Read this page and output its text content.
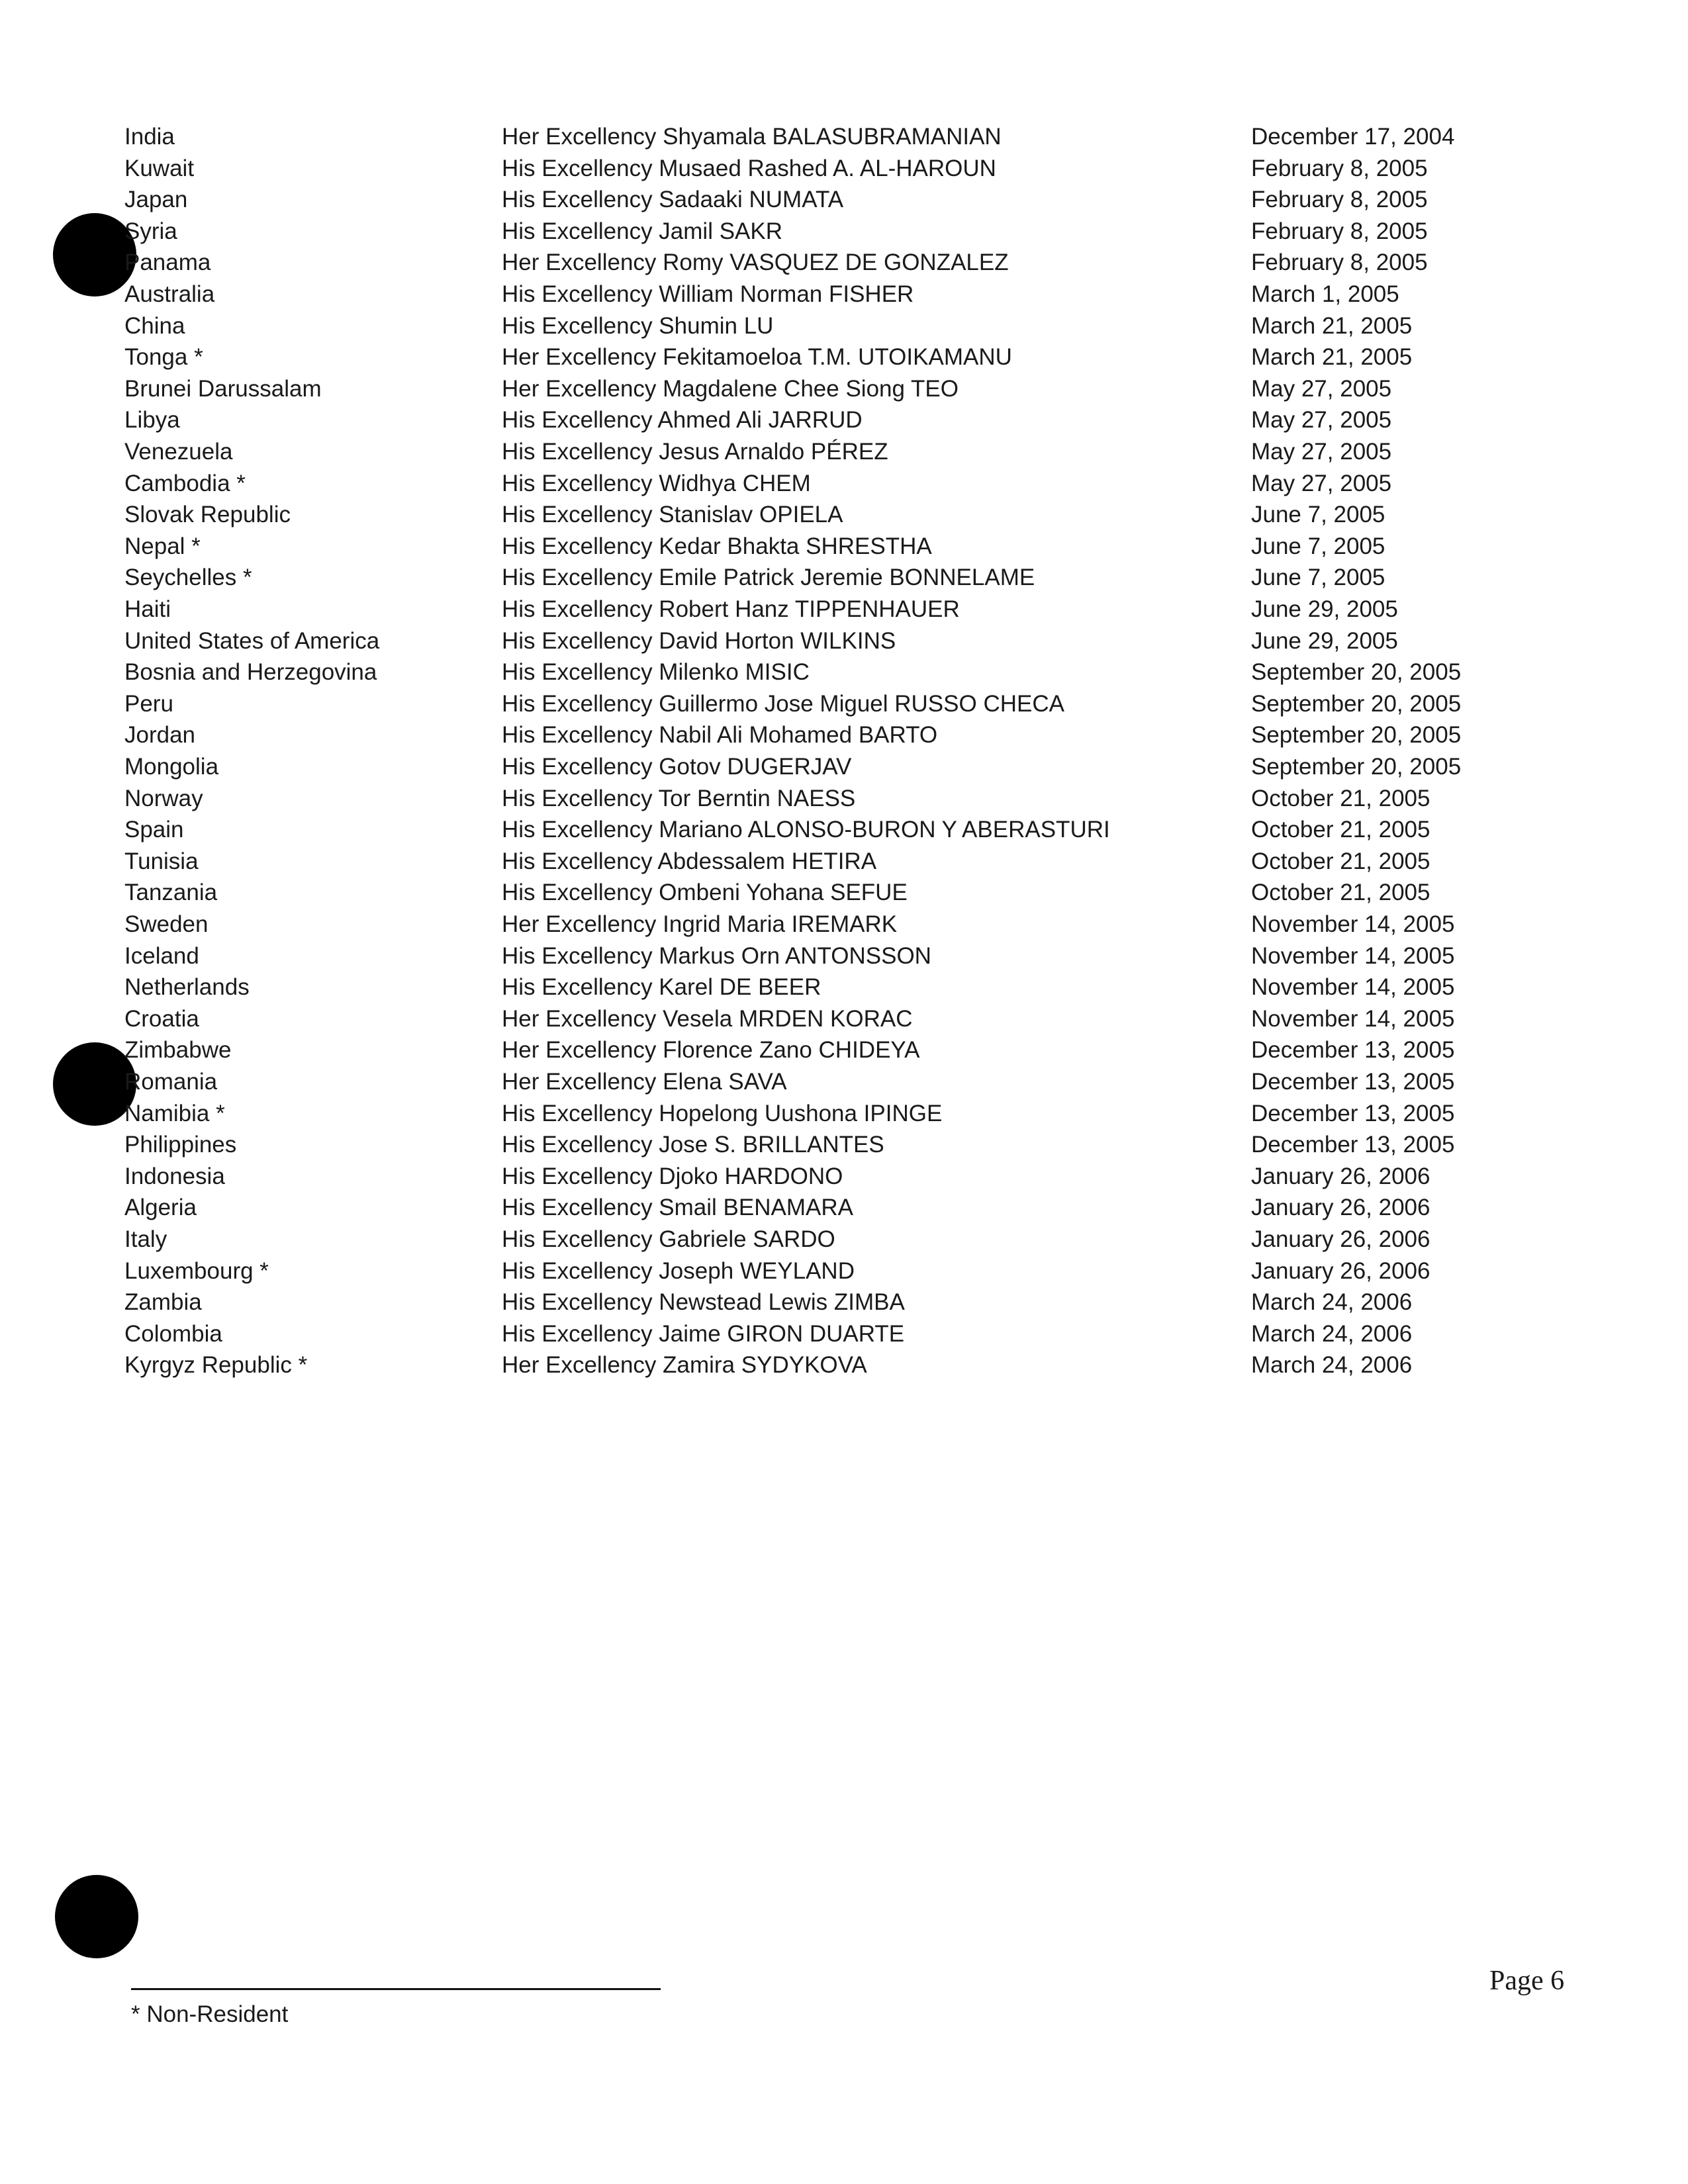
India	Her Excellency Shyamala BALASUBRAMANIAN	December 17, 2004
Kuwait	His Excellency Musaed Rashed A. AL-HAROUN	February 8, 2005
Japan	His Excellency Sadaaki NUMATA	February 8, 2005
Syria	His Excellency Jamil SAKR	February 8, 2005
Panama	Her Excellency Romy VASQUEZ DE GONZALEZ	February 8, 2005
Australia	His Excellency William Norman FISHER	March 1, 2005
China	His Excellency Shumin LU	March 21, 2005
Tonga *	Her Excellency Fekitamoeloa T.M. UTOIKAMANU	March 21, 2005
Brunei Darussalam	Her Excellency Magdalene Chee Siong TEO	May 27, 2005
Libya	His Excellency Ahmed Ali JARRUD	May 27, 2005
Venezuela	His Excellency Jesus Arnaldo PÉREZ	May 27, 2005
Cambodia *	His Excellency Widhya CHEM	May 27, 2005
Slovak Republic	His Excellency Stanislav OPIELA	June 7, 2005
Nepal *	His Excellency Kedar Bhakta SHRESTHA	June 7, 2005
Seychelles *	His Excellency Emile Patrick Jeremie BONNELAME	June 7, 2005
Haiti	His Excellency Robert Hanz TIPPENHAUER	June 29, 2005
United States of America	His Excellency David Horton WILKINS	June 29, 2005
Bosnia and Herzegovina	His Excellency Milenko MISIC	September 20, 2005
Peru	His Excellency Guillermo Jose Miguel RUSSO CHECA	September 20, 2005
Jordan	His Excellency Nabil Ali Mohamed BARTO	September 20, 2005
Mongolia	His Excellency Gotov DUGERJAV	September 20, 2005
Norway	His Excellency Tor Berntin NAESS	October 21, 2005
Spain	His Excellency Mariano ALONSO-BURON Y ABERASTURI	October 21, 2005
Tunisia	His Excellency Abdessalem HETIRA	October 21, 2005
Tanzania	His Excellency Ombeni Yohana SEFUE	October 21, 2005
Sweden	Her Excellency Ingrid Maria IREMARK	November 14, 2005
Iceland	His Excellency Markus Orn ANTONSSON	November 14, 2005
Netherlands	His Excellency Karel DE BEER	November 14, 2005
Croatia	Her Excellency Vesela MRDEN KORAC	November 14, 2005
Zimbabwe	Her Excellency Florence Zano CHIDEYA	December 13, 2005
Romania	Her Excellency Elena SAVA	December 13, 2005
Namibia *	His Excellency Hopelong Uushona IPINGE	December 13, 2005
Philippines	His Excellency Jose S. BRILLANTES	December 13, 2005
Indonesia	His Excellency Djoko HARDONO	January 26, 2006
Algeria	His Excellency Smail BENAMARA	January 26, 2006
Italy	His Excellency Gabriele SARDO	January 26, 2006
Luxembourg *	His Excellency Joseph WEYLAND	January 26, 2006
Zambia	His Excellency Newstead Lewis ZIMBA	March 24, 2006
Colombia	His Excellency Jaime GIRON DUARTE	March 24, 2006
Kyrgyz Republic *	Her Excellency Zamira SYDYKOVA	March 24, 2006
* Non-Resident
Page 6
